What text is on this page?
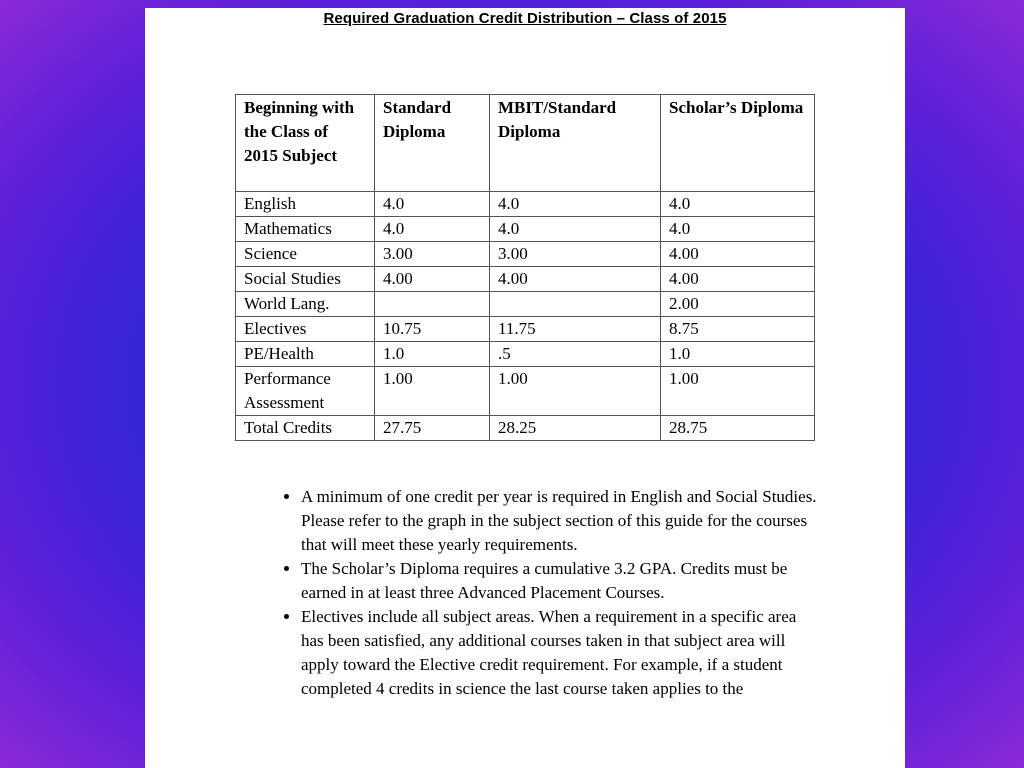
Required Graduation Credit Distribution – Class of 2015
Beginning with the Class of 2015 Subject	Standard Diploma	MBIT/Standard Diploma	Scholar’s Diploma
English	4.0	4.0	4.0
Mathematics	4.0	4.0	4.0
Science	3.00	3.00	4.00
Social Studies	4.00	4.00	4.00
World Lang.			2.00
Electives	10.75	11.75	8.75
PE/Health	1.0	.5	1.0
Performance Assessment	1.00	1.00	1.00
Total Credits	27.75	28.25	28.75
• A minimum of one credit per year is required in English and Social Studies. Please refer to the graph in the subject section of this guide for the courses that will meet these yearly requirements.
• The Scholar’s Diploma requires a cumulative 3.2 GPA. Credits must be earned in at least three Advanced Placement Courses.
• Electives include all subject areas. When a requirement in a specific area has been satisfied, any additional courses taken in that subject area will apply toward the Elective credit requirement. For example, if a student completed 4 credits in science the last course taken applies to the
